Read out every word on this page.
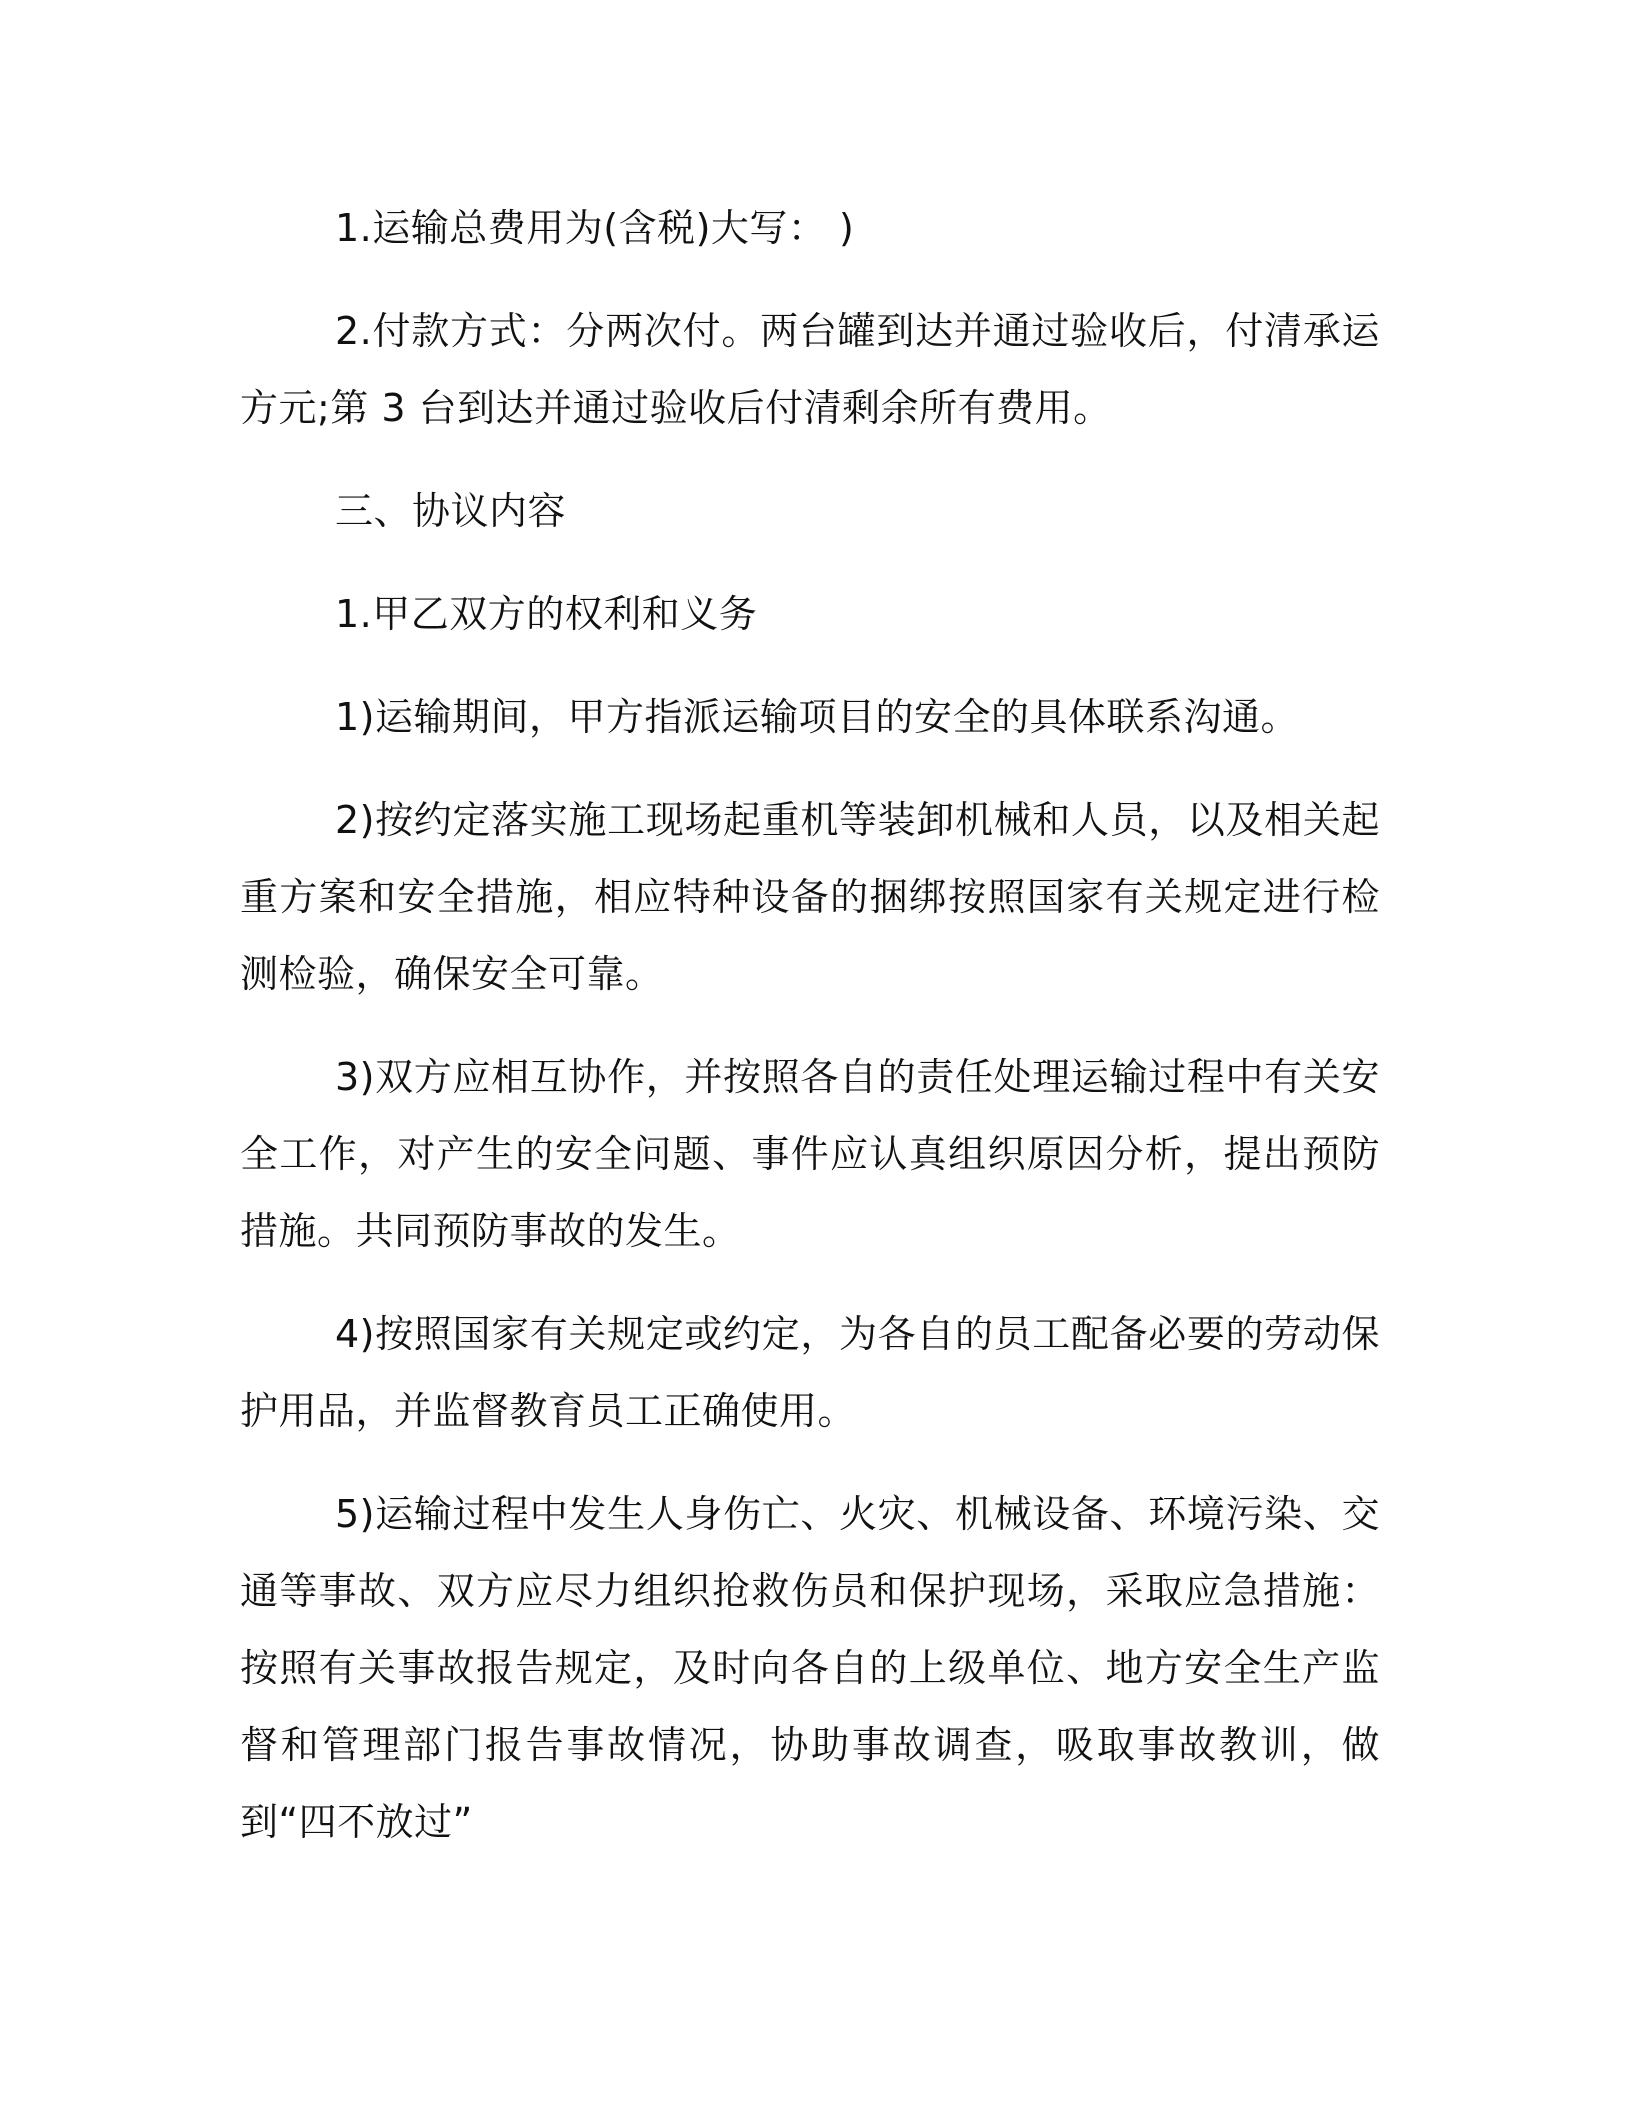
1.运输总费用为(含税)大写： )

2.付款方式：分两次付。两台罐到达并通过验收后，付清承运方元;第 3 台到达并通过验收后付清剩余所有费用。

三、协议内容

1.甲乙双方的权利和义务

1)运输期间，甲方指派运输项目的安全的具体联系沟通。

2)按约定落实施工现场起重机等装卸机械和人员，以及相关起重方案和安全措施，相应特种设备的捆绑按照国家有关规定进行检测检验，确保安全可靠。

3)双方应相互协作，并按照各自的责任处理运输过程中有关安全工作，对产生的安全问题、事件应认真组织原因分析，提出预防措施。共同预防事故的发生。

4)按照国家有关规定或约定，为各自的员工配备必要的劳动保护用品，并监督教育员工正确使用。

5)运输过程中发生人身伤亡、火灾、机械设备、环境污染、交通等事故、双方应尽力组织抢救伤员和保护现场，采取应急措施：按照有关事故报告规定，及时向各自的上级单位、地方安全生产监督和管理部门报告事故情况，协助事故调查，吸取事故教训，做到“四不放过”
